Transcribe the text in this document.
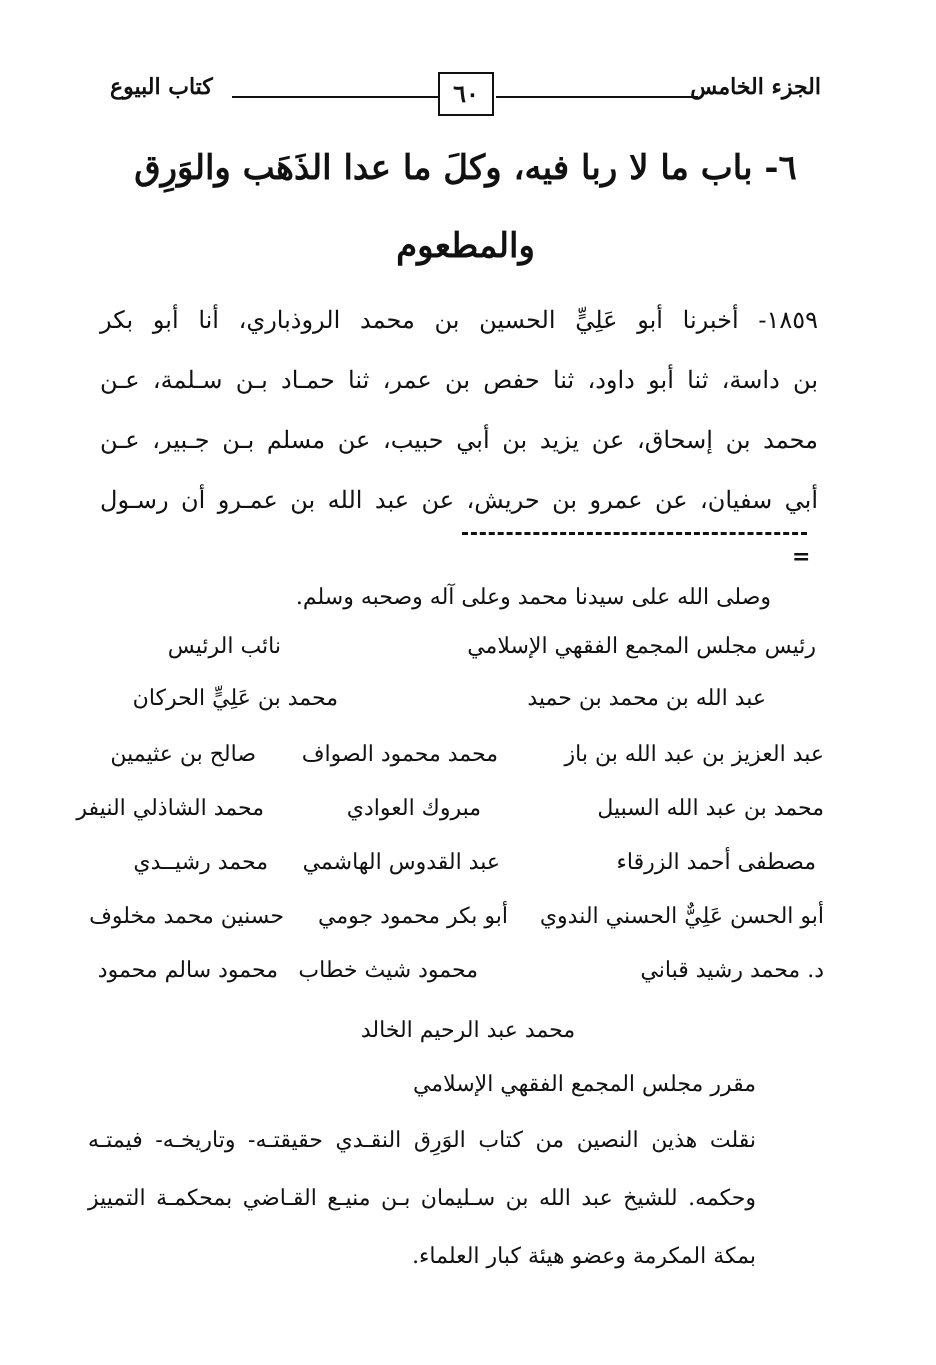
الجزء الخامس
٦٠
كتاب البيوع
٦- باب ما لا ربا فيه، وكلَ ما عدا الذَهَب والوَرِق
والمطعوم
١٨٥٩- أخبرنا أبو عَلِيٍّ الحسين بن محمد الروذباري، أنا أبو بكر
بن داسة، ثنا أبو داود، ثنا حفص بن عمر، ثنا حمـاد بـن سـلمة، عـن
محمد بن إسحاق، عن يزيد بن أبي حبيب، عن مسلم بـن جـبير، عـن
أبي سفيان، عن عمرو بن حريش، عن عبد الله بن عمـرو أن رسـول
=
وصلى الله على سيدنا محمد وعلى آله وصحبه وسلم.
رئيس مجلس المجمع الفقهي الإسلامي
نائب الرئيس
عبد الله بن محمد بن حميد
محمد بن عَلِيٍّ الحركان
عبد العزيز بن عبد الله بن باز
محمد محمود الصواف
صالح بن عثيمين
محمد بن عبد الله السبيل
مبروك العوادي
محمد الشاذلي النيفر
مصطفى أحمد الزرقاء
عبد القدوس الهاشمي
محمد رشيــدي
أبو الحسن عَلِيٌّ الحسني الندوي
أبو بكر محمود جومي
حسنين محمد مخلوف
د. محمد رشيد قباني
محمود شيث خطاب
محمود سالم محمود
محمد عبد الرحيم الخالد
مقرر مجلس المجمع الفقهي الإسلامي
نقلت هذين النصين من كتاب الوَرِق النقـدي حقيقتـه- وتاريخـه- فيمتـه
وحكمه. للشيخ عبد الله بن سـليمان بـن منيـع القـاضي بمحكمـة التمييز
بمكة المكرمة وعضو هيئة كبار العلماء.
